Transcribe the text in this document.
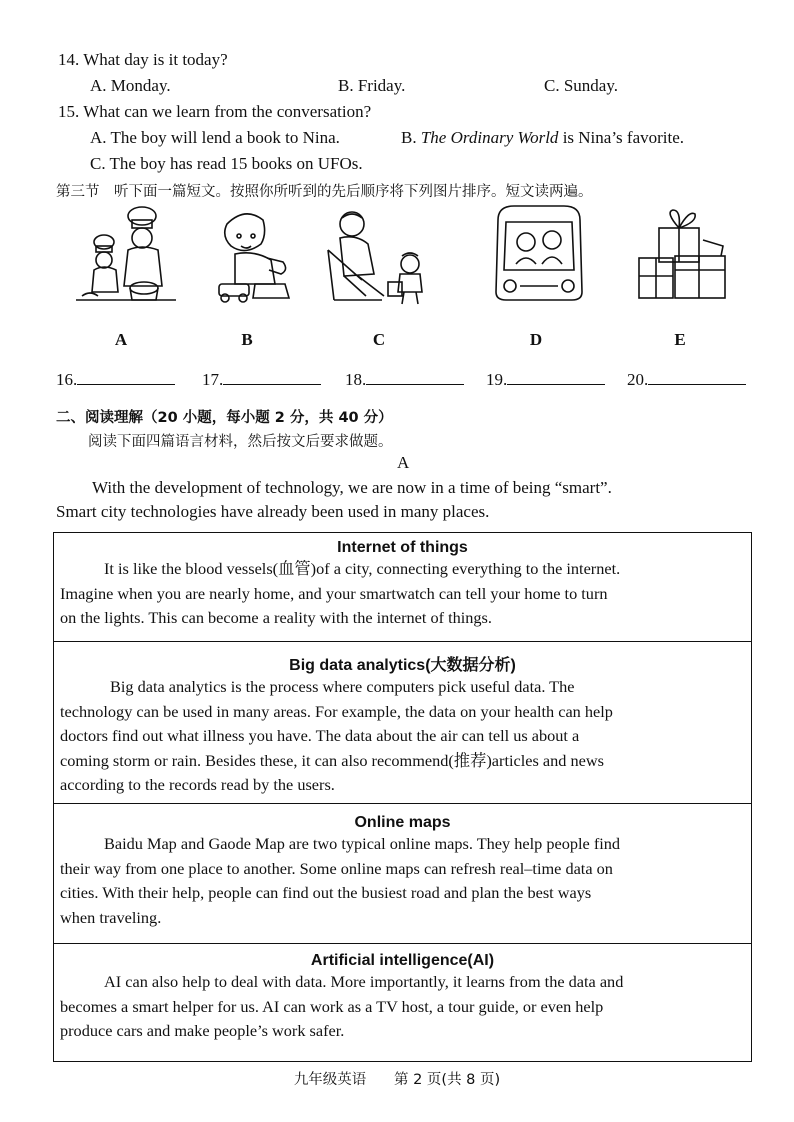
14. What day is it today?
A. Monday.	B. Friday.	C. Sunday.
15. What can we learn from the conversation?
A. The boy will lend a book to Nina.	B. The Ordinary World is Nina’s favorite.
C. The boy has read 15 books on UFOs.
第三节　听下面一篇短文。按照你所听到的先后顺序将下列图片排序。短文读两遍。
A	B	C	D	E
16.	17.	18.	19.	20.
二、阅读理解（20 小题，每小题 2 分，共 40 分）
阅读下面四篇语言材料，然后按文后要求做题。
A
With the development of technology, we are now in a time of being “smart”.
Smart city technologies have already been used in many places.
Internet of things

It is like the blood vessels(血管)of a city, connecting everything to the internet.

Imagine when you are nearly home, and your smartwatch can tell your home to turn

on the lights. This can become a reality with the internet of things.

Big data analytics(大数据分析)

Big data analytics is the process where computers pick useful data. The

technology can be used in many areas. For example, the data on your health can help

doctors find out what illness you have. The data about the air can tell us about a

coming storm or rain. Besides these, it can also recommend(推荐)articles and news

according to the records read by the users.

Online maps

Baidu Map and Gaode Map are two typical online maps. They help people find

their way from one place to another. Some online maps can refresh real–time data on

cities. With their help, people can find out the busiest road and plan the best ways

when traveling.

Artificial intelligence(AI)

AI can also help to deal with data. More importantly, it learns from the data and

becomes a smart helper for us. AI can work as a TV host, a tour guide, or even help

produce cars and make people’s work safer.

九年级英语 第 2 页(共 8 页)
